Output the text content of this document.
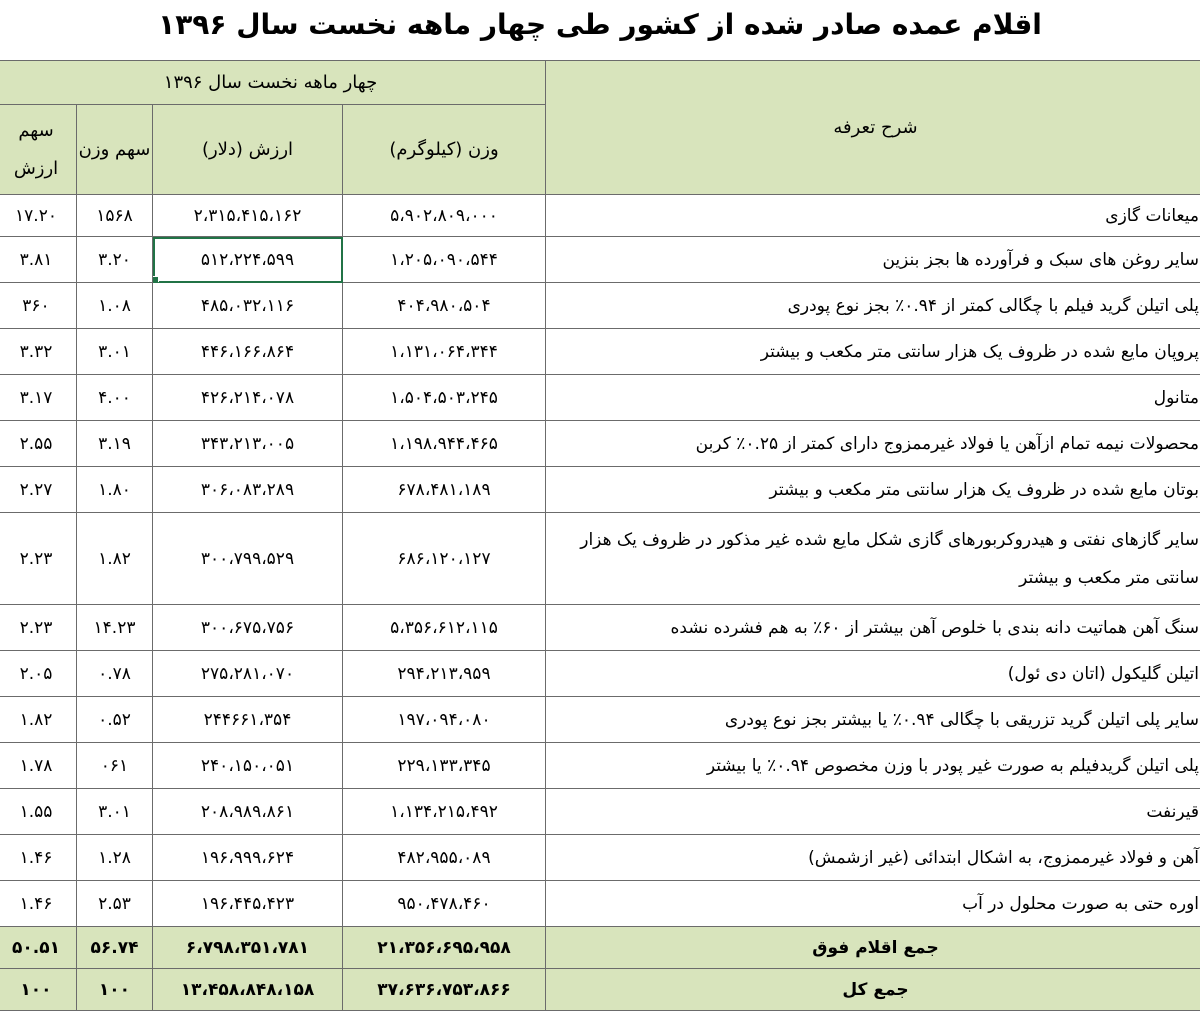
اقلام عمده صادر شده از کشور طی چهار ماهه نخست سال ۱۳۹۶
چهار ماهه نخست سال ۱۳۹۶				شرح تعرفه
سهم ارزش	سهم وزن	ارزش (دلار)	وزن (کیلوگرم)	
۱۷.۲۰	۱۵۶۸	۲،۳۱۵،۴۱۵،۱۶۲	۵،۹۰۲،۸۰۹،۰۰۰	میعانات گازی
۳.۸۱	۳.۲۰	۵۱۲،۲۲۴،۵۹۹	۱،۲۰۵،۰۹۰،۵۴۴	سایر روغن های سبک و فرآورده ها بجز بنزین
۳۶۰	۱.۰۸	۴۸۵،۰۳۲،۱۱۶	۴۰۴،۹۸۰،۵۰۴	پلی اتیلن گرید فیلم با چگالی کمتر از ۰.۹۴٪ بجز نوع پودری
۳.۳۲	۳.۰۱	۴۴۶،۱۶۶،۸۶۴	۱،۱۳۱،۰۶۴،۳۴۴	پروپان مایع شده در ظروف یک هزار سانتی متر مکعب و بیشتر
۳.۱۷	۴.۰۰	۴۲۶،۲۱۴،۰۷۸	۱،۵۰۴،۵۰۳،۲۴۵	متانول
۲.۵۵	۳.۱۹	۳۴۳،۲۱۳،۰۰۵	۱،۱۹۸،۹۴۴،۴۶۵	محصولات نیمه تمام ازآهن یا فولاد غیرممزوج دارای کمتر از ۰.۲۵٪ کربن
۲.۲۷	۱.۸۰	۳۰۶،۰۸۳،۲۸۹	۶۷۸،۴۸۱،۱۸۹	بوتان مایع شده در ظروف یک هزار سانتی متر مکعب و بیشتر
۲.۲۳	۱.۸۲	۳۰۰،۷۹۹،۵۲۹	۶۸۶،۱۲۰،۱۲۷	سایر گازهای نفتی و هیدروکربورهای گازی شکل مایع شده غیر مذکور در ظروف یک هزار سانتی متر مکعب و بیشتر
۲.۲۳	۱۴.۲۳	۳۰۰،۶۷۵،۷۵۶	۵،۳۵۶،۶۱۲،۱۱۵	سنگ آهن هماتیت دانه بندی با خلوص آهن بیشتر از ۶۰٪ به هم فشرده نشده
۲.۰۵	۰.۷۸	۲۷۵،۲۸۱،۰۷۰	۲۹۴،۲۱۳،۹۵۹	اتیلن گلیکول (اتان دی ئول)
۱.۸۲	۰.۵۲	۲۴۴۶۶۱،۳۵۴	۱۹۷،۰۹۴،۰۸۰	سایر پلی اتیلن گرید تزریقی با چگالی ۰.۹۴٪ یا بیشتر بجز نوع پودری
۱.۷۸	۰۶۱	۲۴۰،۱۵۰،۰۵۱	۲۲۹،۱۳۳،۳۴۵	پلی اتیلن گریدفیلم به صورت غیر پودر با وزن مخصوص ۰.۹۴٪ یا بیشتر
۱.۵۵	۳.۰۱	۲۰۸،۹۸۹،۸۶۱	۱،۱۳۴،۲۱۵،۴۹۲	قیرنفت
۱.۴۶	۱.۲۸	۱۹۶،۹۹۹،۶۲۴	۴۸۲،۹۵۵،۰۸۹	آهن و فولاد غیرممزوج، به اشکال ابتدائی (غیر ازشمش)
۱.۴۶	۲.۵۳	۱۹۶،۴۴۵،۴۲۳	۹۵۰،۴۷۸،۴۶۰	اوره حتی به صورت محلول در آب
۵۰.۵۱	۵۶.۷۴	۶،۷۹۸،۳۵۱،۷۸۱	۲۱،۳۵۶،۶۹۵،۹۵۸	جمع اقلام فوق
۱۰۰	۱۰۰	۱۳،۴۵۸،۸۴۸،۱۵۸	۳۷،۶۳۶،۷۵۳،۸۶۶	جمع کل
